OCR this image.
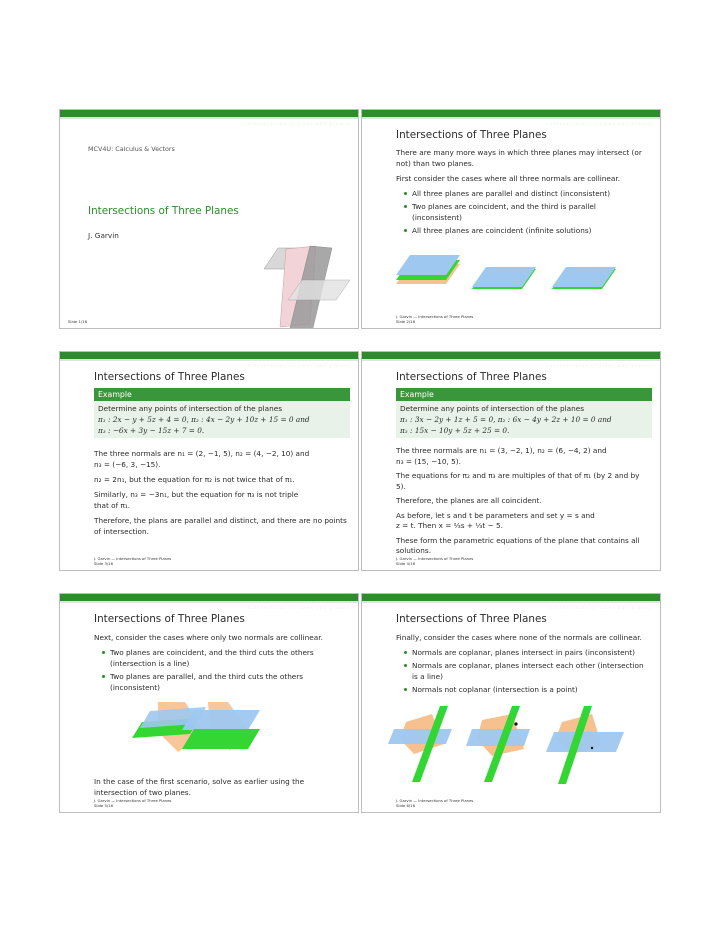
intersections of lines and planes
MCV4U: Calculus & Vectors
Intersections of Three Planes
J. Garvin
Slide 1/16
intersections of lines and planes
Intersections of Three Planes

There are many more ways in which three planes may intersect (or not) than two planes.

First consider the cases where all three normals are collinear.

All three planes are parallel and distinct (inconsistent)
Two planes are coincident, and the third is parallel (inconsistent)
All three planes are coincident (infinite solutions)
J. Garvin — Intersections of Three Planes
Slide 2/16
intersections of lines and planes
Intersections of Three Planes
Example
Determine any points of intersection of the planes
π₁ : 2x − y + 5z + 4 = 0, π₂ : 4x − 2y + 10z + 15 = 0 and
π₃ : −6x + 3y − 15z + 7 = 0.

The three normals are n₁ = (2, −1, 5), n₂ = (4, −2, 10) and
n₃ = (−6, 3, −15).

n₂ = 2n₁, but the equation for π₂ is not twice that of π₁.

Similarly, n₃ = −3n₁, but the equation for π₃ is not triple
that of π₁.

Therefore, the plans are parallel and distinct, and there are no points of intersection.

J. Garvin — Intersections of Three Planes
Slide 3/16
intersections of lines and planes
Intersections of Three Planes
Example
Determine any points of intersection of the planes
π₁ : 3x − 2y + 1z + 5 = 0, π₂ : 6x − 4y + 2z + 10 = 0 and
π₃ : 15x − 10y + 5z + 25 = 0.

The three normals are n₁ = (3, −2, 1), n₂ = (6, −4, 2) and
n₃ = (15, −10, 5).

The equations for π₂ and π₃ are multiples of that of π₁ (by 2 and by 5).

Therefore, the planes are all coincident.

As before, let s and t be parameters and set y = s and
z = t. Then x = ⅔s + ⅓t − 5.

These form the parametric equations of the plane that contains all solutions.

J. Garvin — Intersections of Three Planes
Slide 4/16
intersections of lines and planes
Intersections of Three Planes

Next, consider the cases where only two normals are collinear.

Two planes are coincident, and the third cuts the others (intersection is a line)
Two planes are parallel, and the third cuts the others (inconsistent)

In the case of the first scenario, solve as earlier using the intersection of two planes.

J. Garvin — Intersections of Three Planes
Slide 5/16
intersections of lines and planes
Intersections of Three Planes

Finally, consider the cases where none of the normals are collinear.

Normals are coplanar, planes intersect in pairs (inconsistent)
Normals are coplanar, planes intersect each other (intersection is a line)
Normals not coplanar (intersection is a point)
J. Garvin — Intersections of Three Planes
Slide 6/16
